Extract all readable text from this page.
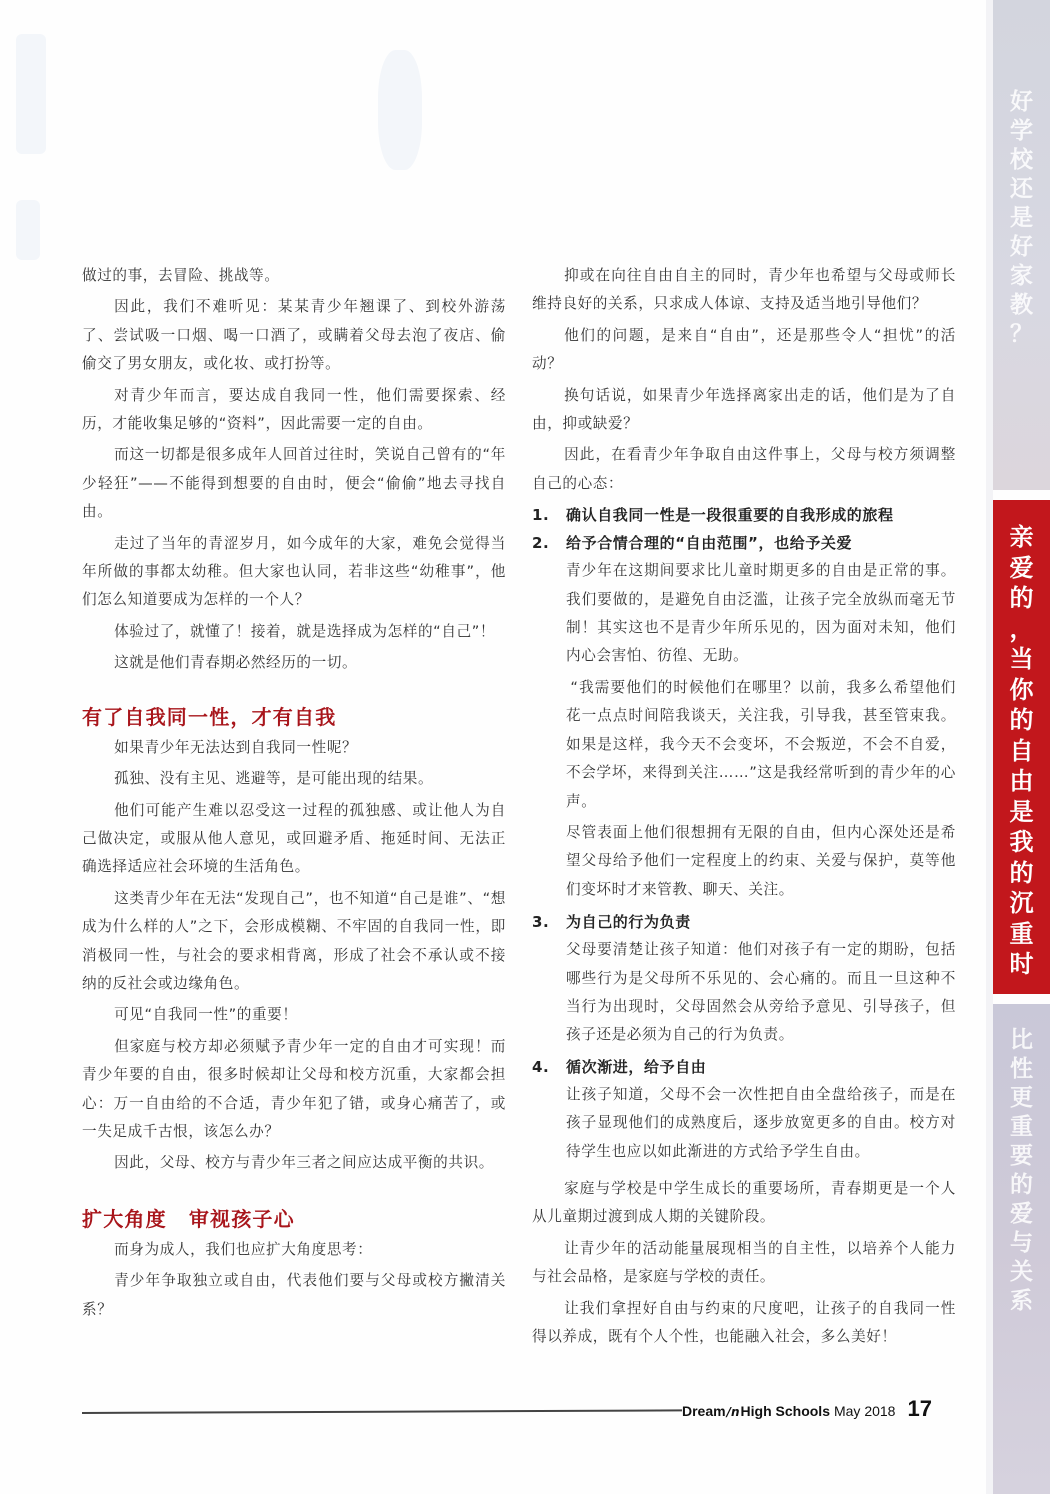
做过的事，去冒险、挑战等。

因此，我们不难听见：某某青少年翘课了、到校外游荡了、尝试吸一口烟、喝一口酒了，或瞒着父母去泡了夜店、偷偷交了男女朋友，或化妆、或打扮等。

对青少年而言，要达成自我同一性，他们需要探索、经历，才能收集足够的“资料”，因此需要一定的自由。

而这一切都是很多成年人回首过往时，笑说自己曾有的“年少轻狂”——不能得到想要的自由时，便会“偷偷”地去寻找自由。

走过了当年的青涩岁月，如今成年的大家，难免会觉得当年所做的事都太幼稚。但大家也认同，若非这些“幼稚事”，他们怎么知道要成为怎样的一个人？

体验过了，就懂了！接着，就是选择成为怎样的“自己”！

这就是他们青春期必然经历的一切。

有了自我同一性，才有自我

如果青少年无法达到自我同一性呢？

孤独、没有主见、逃避等，是可能出现的结果。

他们可能产生难以忍受这一过程的孤独感、或让他人为自己做决定，或服从他人意见，或回避矛盾、拖延时间、无法正确选择适应社会环境的生活角色。

这类青少年在无法“发现自己”，也不知道“自己是谁”、“想成为什么样的人”之下，会形成模糊、不牢固的自我同一性，即消极同一性，与社会的要求相背离，形成了社会不承认或不接纳的反社会或边缘角色。

可见“自我同一性”的重要！

但家庭与校方却必须赋予青少年一定的自由才可实现！而青少年要的自由，很多时候却让父母和校方沉重，大家都会担心：万一自由给的不合适，青少年犯了错，或身心痛苦了，或一失足成千古恨，该怎么办？

因此，父母、校方与青少年三者之间应达成平衡的共识。

扩大角度 审视孩子心

而身为成人，我们也应扩大角度思考：

青少年争取独立或自由，代表他们要与父母或校方撇清关系？

抑或在向往自由自主的同时，青少年也希望与父母或师长维持良好的关系，只求成人体谅、支持及适当地引导他们？

他们的问题，是来自“自由”，还是那些令人“担忧”的活动？

换句话说，如果青少年选择离家出走的话，他们是为了自由，抑或缺爱？

因此，在看青少年争取自由这件事上，父母与校方须调整自己的心态：

1.	确认自我同一性是一段很重要的自我形成的旅程
2.	给予合情合理的“自由范围”，也给予关爱

青少年在这期间要求比儿童时期更多的自由是正常的事。我们要做的，是避免自由泛滥，让孩子完全放纵而毫无节制！其实这也不是青少年所乐见的，因为面对未知，他们内心会害怕、彷徨、无助。

“我需要他们的时候他们在哪里？以前，我多么希望他们花一点点时间陪我谈天，关注我，引导我，甚至管束我。如果是这样，我今天不会变坏，不会叛逆，不会不自爱，不会学坏，来得到关注……”这是我经常听到的青少年的心声。

尽管表面上他们很想拥有无限的自由，但内心深处还是希望父母给予他们一定程度上的约束、关爱与保护，莫等他们变坏时才来管教、聊天、关注。

3.	为自己的行为负责

父母要清楚让孩子知道：他们对孩子有一定的期盼，包括哪些行为是父母所不乐见的、会心痛的。而且一旦这种不当行为出现时，父母固然会从旁给予意见、引导孩子，但孩子还是必须为自己的行为负责。

4.	循次渐进，给予自由

让孩子知道，父母不会一次性把自由全盘给孩子，而是在孩子显现他们的成熟度后，逐步放宽更多的自由。校方对待学生也应以如此渐进的方式给予学生自由。

家庭与学校是中学生成长的重要场所，青春期更是一个人从儿童期过渡到成人期的关键阶段。

让青少年的活动能量展现相当的自主性，以培养个人能力与社会品格，是家庭与学校的责任。

让我们拿捏好自由与约束的尺度吧，让孩子的自我同一性得以养成，既有个人个性，也能融入社会，多么美好！

好
学
校
还
是
好
家
教
？
亲
爱
的
，
当
你
的
自
由
是
我
的
沉
重
时
比
性
更
重
要
的
爱
与
关
系
Dream /n High Schools May 2018 17
